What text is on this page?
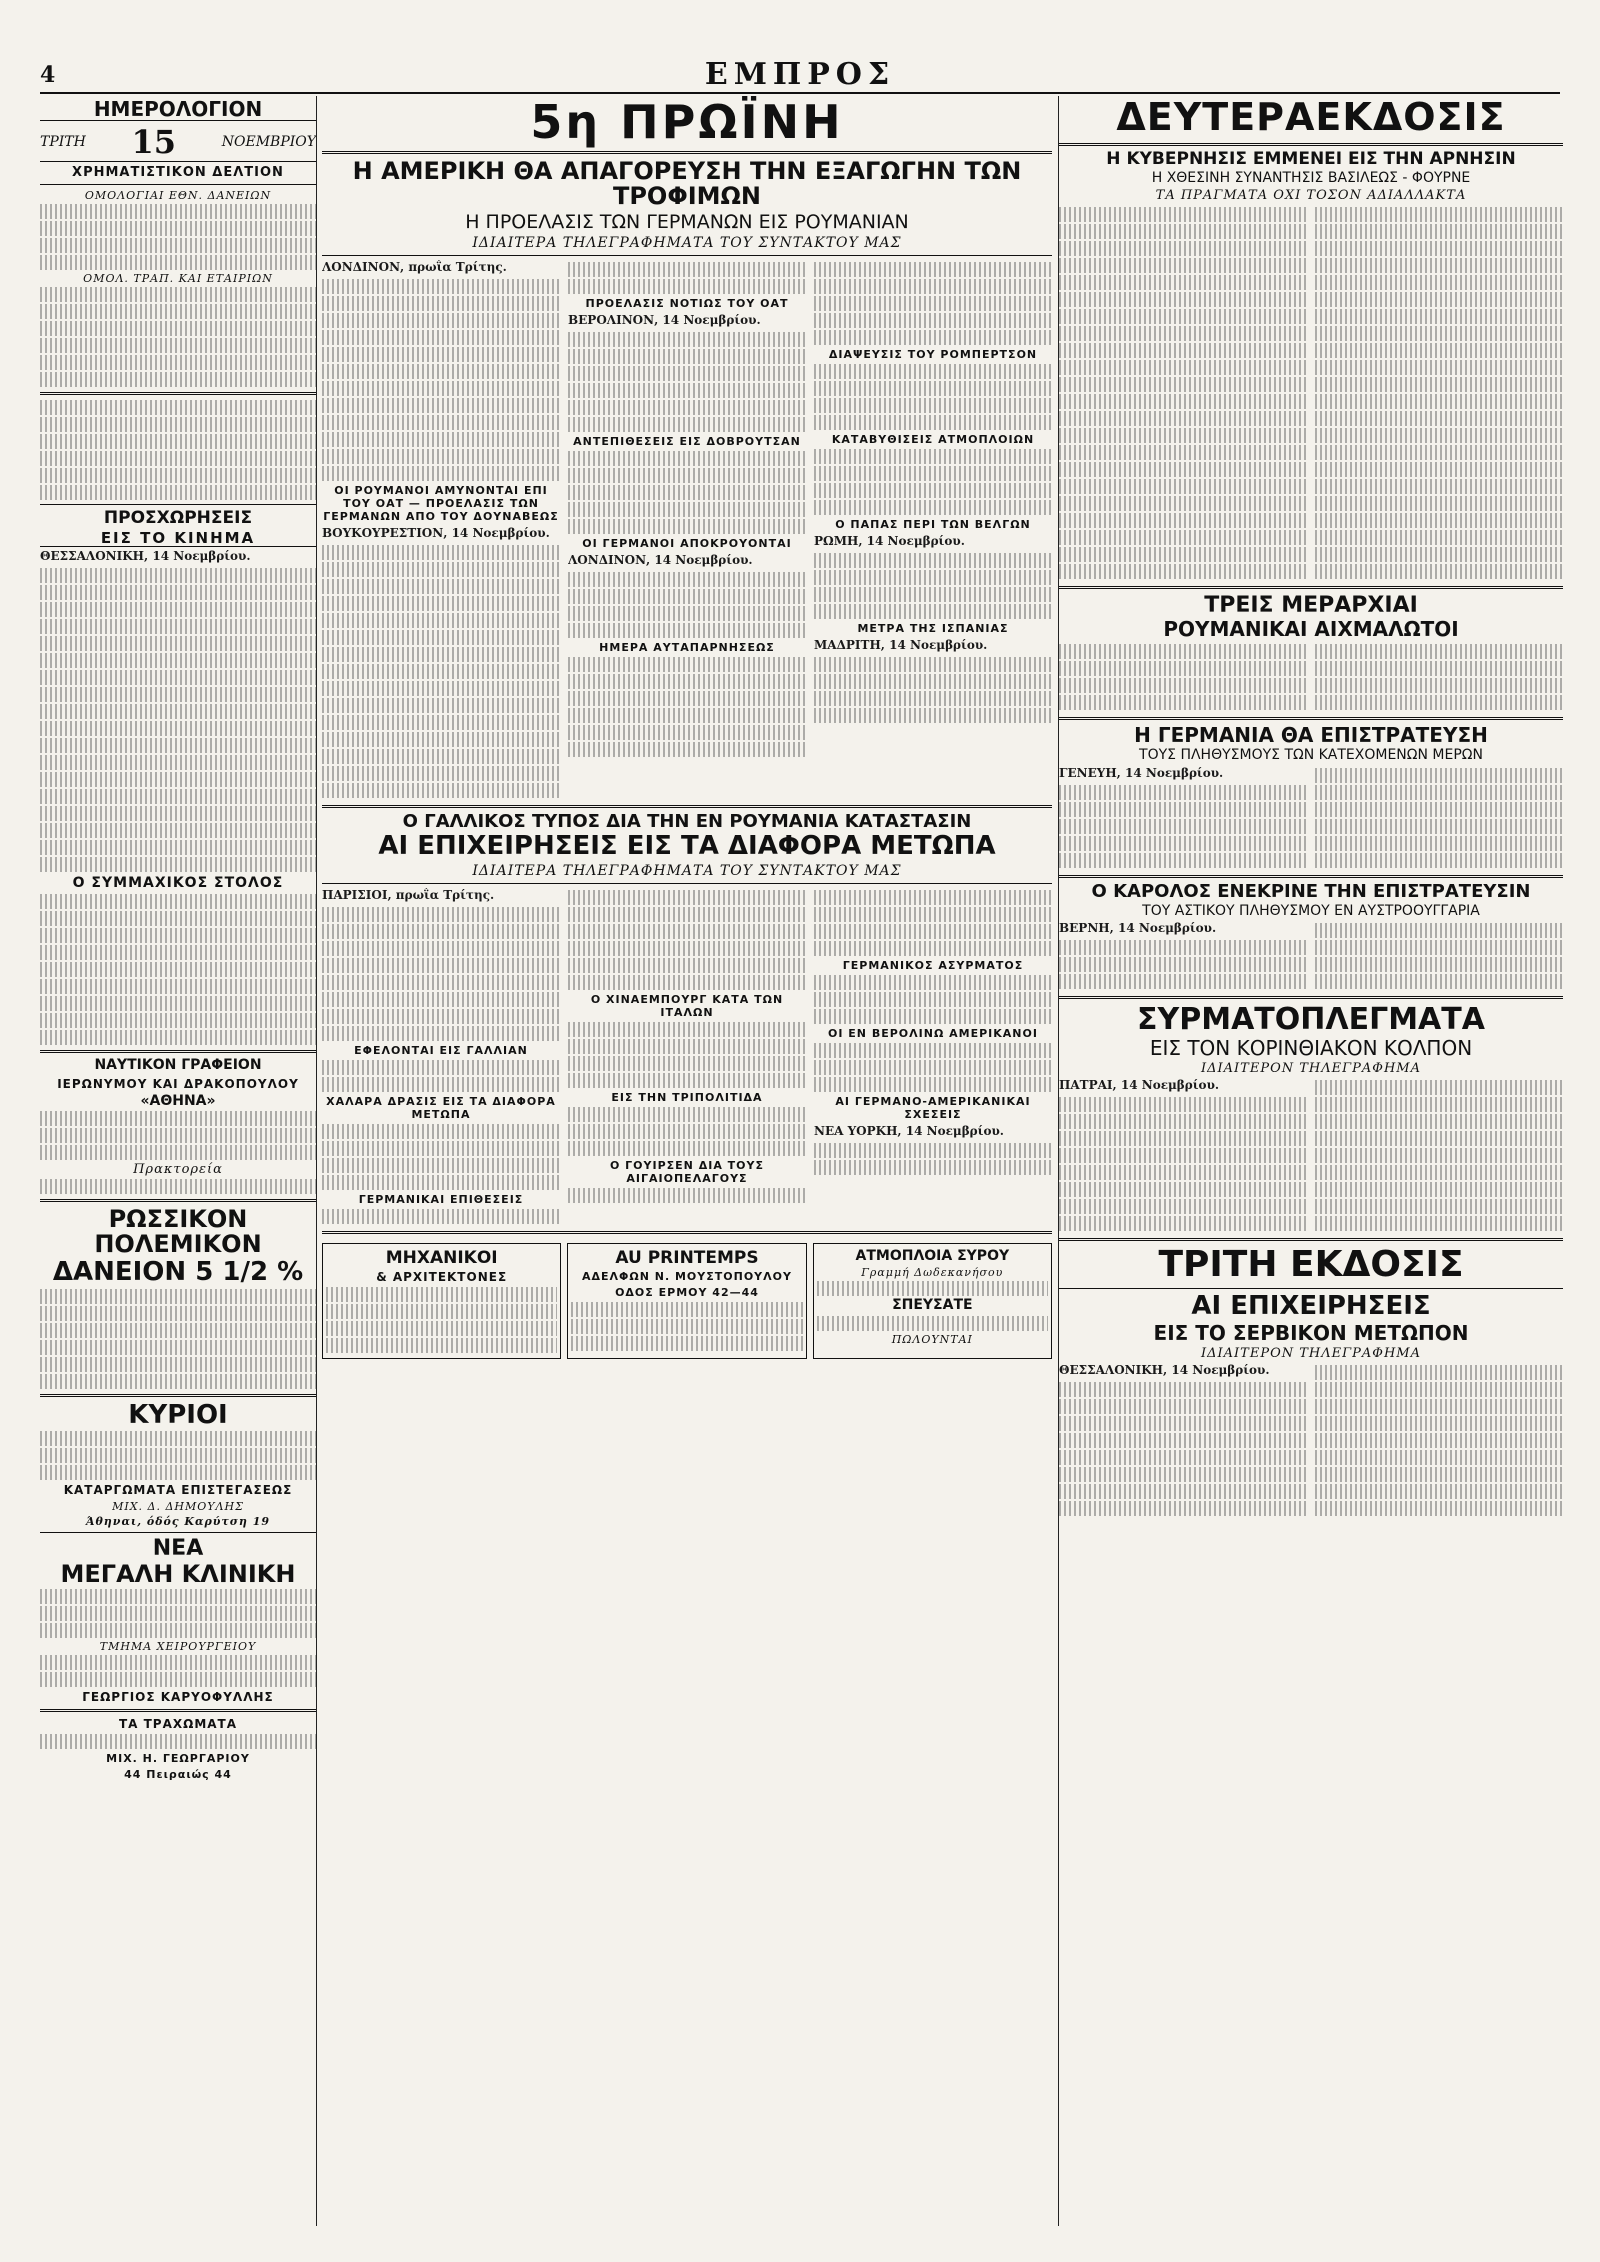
4	ΕΜΠΡΟΣ
ΗΜΕΡΟΛΟΓΙΟΝ
ΤΡΙΤΗ 15	ΝΟΕΜΒΡΙΟΥ
ΧΡΗΜΑΤΙΣΤΙΚΟΝ ΔΕΛΤΙΟΝ
ΟΜΟΛΟΓΙΑΙ ΕΘΝ. ΔΑΝΕΙΩΝ
ΟΜΟΛ. ΤΡΑΠ. ΚΑΙ ΕΤΑΙΡΙΩΝ
ΠΡΟΣΧΩΡΗΣΕΙΣ
ΕΙΣ ΤΟ ΚΙΝΗΜΑ
ΘΕΣΣΑΛΟΝΙΚΗ, 14 Νοεμβρίου.
Ο ΣΥΜΜΑΧΙΚΟΣ ΣΤΟΛΟΣ
ΝΑΥΤΙΚΟΝ ΓΡΑΦΕΙΟΝ
ΙΕΡΩΝΥΜΟΥ ΚΑΙ ΔΡΑΚΟΠΟΥΛΟΥ
«ΑΘΗΝΑ»
Πρακτορεία
ΡΩΣΣΙΚΟΝ ΠΟΛΕΜΙΚΟΝ
ΔΑΝΕΙΟΝ 5 1/2 %
ΚΥΡΙΟΙ
ΚΑΤΑΡΓΩΜΑΤΑ ΕΠΙΣΤΕΓΑΣΕΩΣ
ΜΙΧ. Δ. ΔΗΜΟΥΛΗΣ
Άθηναι, όδός Καρύτση 19
ΝΕΑ
ΜΕΓΑΛΗ ΚΛΙΝΙΚΗ
ΤΜΗΜΑ ΧΕΙΡΟΥΡΓΕΙΟΥ
ΓΕΩΡΓΙΟΣ ΚΑΡΥΟΦΥΛΛΗΣ
ΤΑ ΤΡΑΧΩΜΑΤΑ
ΜΙΧ. Η. ΓΕΩΡΓΑΡΙΟΥ
44 Πειραιώς 44
5η ΠΡΩΪΝΗ
Η ΑΜΕΡΙΚΗ ΘΑ ΑΠΑΓΟΡΕΥΣΗ ΤΗΝ ΕΞΑΓΩΓΗΝ ΤΩΝ ΤΡΟΦΙΜΩΝ
Η ΠΡΟΕΛΑΣΙΣ ΤΩΝ ΓΕΡΜΑΝΩΝ ΕΙΣ ΡΟΥΜΑΝΙΑΝ
ΙΔΙΑΙΤΕΡΑ ΤΗΛΕΓΡΑΦΗΜΑΤΑ ΤΟΥ ΣΥΝΤΑΚΤΟΥ ΜΑΣ
ΛΟΝΔΙΝΟΝ, πρωΐα Τρίτης.
ΟΙ ΡΟΥΜΑΝΟΙ ΑΜΥΝΟΝΤΑΙ ΕΠΙ ΤΟΥ ΟΑΤ — ΠΡΟΕΛΑΣΙΣ ΤΩΝ ΓΕΡΜΑΝΩΝ ΑΠΟ ΤΟΥ ΔΟΥΝΑΒΕΩΣ
ΒΟΥΚΟΥΡΕΣΤΙΟΝ, 14 Νοεμβρίου.
ΠΡΟΕΛΑΣΙΣ ΝΟΤΙΩΣ ΤΟΥ ΟΑΤ
ΒΕΡΟΛΙΝΟΝ, 14 Νοεμβρίου.
ΑΝΤΕΠΙΘΕΣΕΙΣ ΕΙΣ ΔΟΒΡΟΥΤΣΑΝ
ΟΙ ΓΕΡΜΑΝΟΙ ΑΠΟΚΡΟΥΟΝΤΑΙ
ΛΟΝΔΙΝΟΝ, 14 Νοεμβρίου.
ΗΜΕΡΑ ΑΥΤΑΠΑΡΝΗΣΕΩΣ
ΔΙΑΨΕΥΣΙΣ ΤΟΥ ΡΟΜΠΕΡΤΣΟΝ
ΚΑΤΑΒΥΘΙΣΕΙΣ ΑΤΜΟΠΛΟΙΩΝ
Ο ΠΑΠΑΣ ΠΕΡΙ ΤΩΝ ΒΕΛΓΩΝ
ΡΩΜΗ, 14 Νοεμβρίου.
ΜΕΤΡΑ ΤΗΣ ΙΣΠΑΝΙΑΣ
ΜΑΔΡΙΤΗ, 14 Νοεμβρίου.
Ο ΓΑΛΛΙΚΟΣ ΤΥΠΟΣ ΔΙΑ ΤΗΝ ΕΝ ΡΟΥΜΑΝΙΑ ΚΑΤΑΣΤΑΣΙΝ
ΑΙ ΕΠΙΧΕΙΡΗΣΕΙΣ ΕΙΣ ΤΑ ΔΙΑΦΟΡΑ ΜΕΤΩΠΑ
ΙΔΙΑΙΤΕΡΑ ΤΗΛΕΓΡΑΦΗΜΑΤΑ ΤΟΥ ΣΥΝΤΑΚΤΟΥ ΜΑΣ
ΠΑΡΙΣΙΟΙ, πρωΐα Τρίτης.
ΕΦΕΛΟΝΤΑΙ ΕΙΣ ΓΑΛΛΙΑΝ
ΧΑΛΑΡΑ ΔΡΑΣΙΣ ΕΙΣ ΤΑ ΔΙΑΦΟΡΑ ΜΕΤΩΠΑ
ΓΕΡΜΑΝΙΚΑΙ ΕΠΙΘΕΣΕΙΣ
Ο ΧΙΝΑΕΜΠΟΥΡΓ ΚΑΤΑ ΤΩΝ ΙΤΑΛΩΝ
ΕΙΣ ΤΗΝ ΤΡΙΠΟΛΙΤΙΔΑ
Ο ΓΟΥΙΡΣΕΝ ΔΙΑ ΤΟΥΣ ΑΙΓΑΙΟΠΕΛΑΓΟΥΣ
ΓΕΡΜΑΝΙΚΟΣ ΑΣΥΡΜΑΤΟΣ
ΟΙ ΕΝ ΒΕΡΟΛΙΝΩ ΑΜΕΡΙΚΑΝΟΙ
ΑΙ ΓΕΡΜΑΝΟ-ΑΜΕΡΙΚΑΝΙΚΑΙ ΣΧΕΣΕΙΣ
ΝΕΑ ΥΟΡΚΗ, 14 Νοεμβρίου.
ΜΗΧΑΝΙΚΟΙ
& ΑΡΧΙΤΕΚΤΟΝΕΣ
AU PRINTEMPS
ΑΔΕΛΦΩΝ Ν. ΜΟΥΣΤΟΠΟΥΛΟΥ
ΟΔΟΣ ΕΡΜΟΥ 42—44
ΑΤΜΟΠΛΟΙΑ ΣΥΡΟΥ
Γραμμή Δωδεκανήσου
ΣΠΕΥΣΑΤΕ
ΠΩΛΟΥΝΤΑΙ
ΔΕΥΤΕΡΑΕΚΔΟΣΙΣ
Η ΚΥΒΕΡΝΗΣΙΣ ΕΜΜΕΝΕΙ ΕΙΣ ΤΗΝ ΑΡΝΗΣΙΝ
Η ΧΘΕΣΙΝΗ ΣΥΝΑΝΤΗΣΙΣ ΒΑΣΙΛΕΩΣ - ΦΟΥΡΝΕ
ΤΑ ΠΡΑΓΜΑΤΑ ΟΧΙ ΤΟΣΟΝ ΑΔΙΑΛΛΑΚΤΑ
ΤΡΕΙΣ ΜΕΡΑΡΧΙΑΙ
ΡΟΥΜΑΝΙΚΑΙ ΑΙΧΜΑΛΩΤΟΙ
Η ΓΕΡΜΑΝΙΑ ΘΑ ΕΠΙΣΤΡΑΤΕΥΣΗ
ΤΟΥΣ ΠΛΗΘΥΣΜΟΥΣ ΤΩΝ ΚΑΤΕΧΟΜΕΝΩΝ ΜΕΡΩΝ
ΓΕΝΕΥΗ, 14 Νοεμβρίου.
Ο ΚΑΡΟΛΟΣ ΕΝΕΚΡΙΝΕ ΤΗΝ ΕΠΙΣΤΡΑΤΕΥΣΙΝ
ΤΟΥ ΑΣΤΙΚΟΥ ΠΛΗΘΥΣΜΟΥ ΕΝ ΑΥΣΤΡΟΟΥΓΓΑΡΙΑ
ΒΕΡΝΗ, 14 Νοεμβρίου.
ΣΥΡΜΑΤΟΠΛΕΓΜΑΤΑ
ΕΙΣ ΤΟΝ ΚΟΡΙΝΘΙΑΚΟΝ ΚΟΛΠΟΝ
ΙΔΙΑΙΤΕΡΟΝ ΤΗΛΕΓΡΑΦΗΜΑ
ΠΑΤΡΑΙ, 14 Νοεμβρίου.
ΤΡΙΤΗ ΕΚΔΟΣΙΣ
ΑΙ ΕΠΙΧΕΙΡΗΣΕΙΣ
ΕΙΣ ΤΟ ΣΕΡΒΙΚΟΝ ΜΕΤΩΠΟΝ
ΙΔΙΑΙΤΕΡΟΝ ΤΗΛΕΓΡΑΦΗΜΑ
ΘΕΣΣΑΛΟΝΙΚΗ, 14 Νοεμβρίου.
